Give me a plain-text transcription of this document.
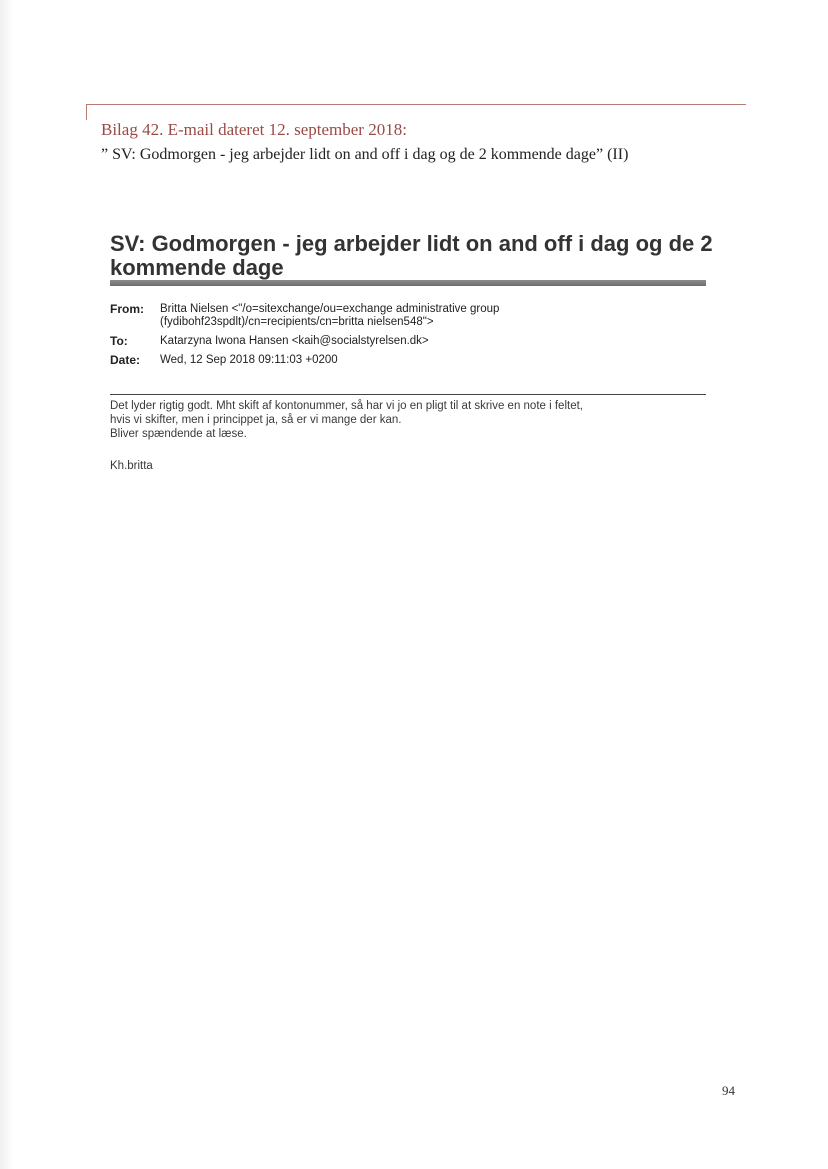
Bilag 42. E-mail dateret 12. september 2018:
” SV: Godmorgen - jeg arbejder lidt on and off i dag og de 2 kommende dage” (II)
SV: Godmorgen - jeg arbejder lidt on and off i dag og de 2 kommende dage
From:	Britta Nielsen <"/o=sitexchange/ou=exchange administrative group (fydibohf23spdlt)/cn=recipients/cn=britta nielsen548">
To:	Katarzyna Iwona Hansen <kaih@socialstyrelsen.dk>
Date:	Wed, 12 Sep 2018 09:11:03 +0200

Det lyder rigtig godt. Mht skift af kontonummer, så har vi jo en pligt til at skrive en note i feltet,

hvis vi skifter, men i princippet ja, så er vi mange der kan.

Bliver spændende at læse.

Kh.britta
94
